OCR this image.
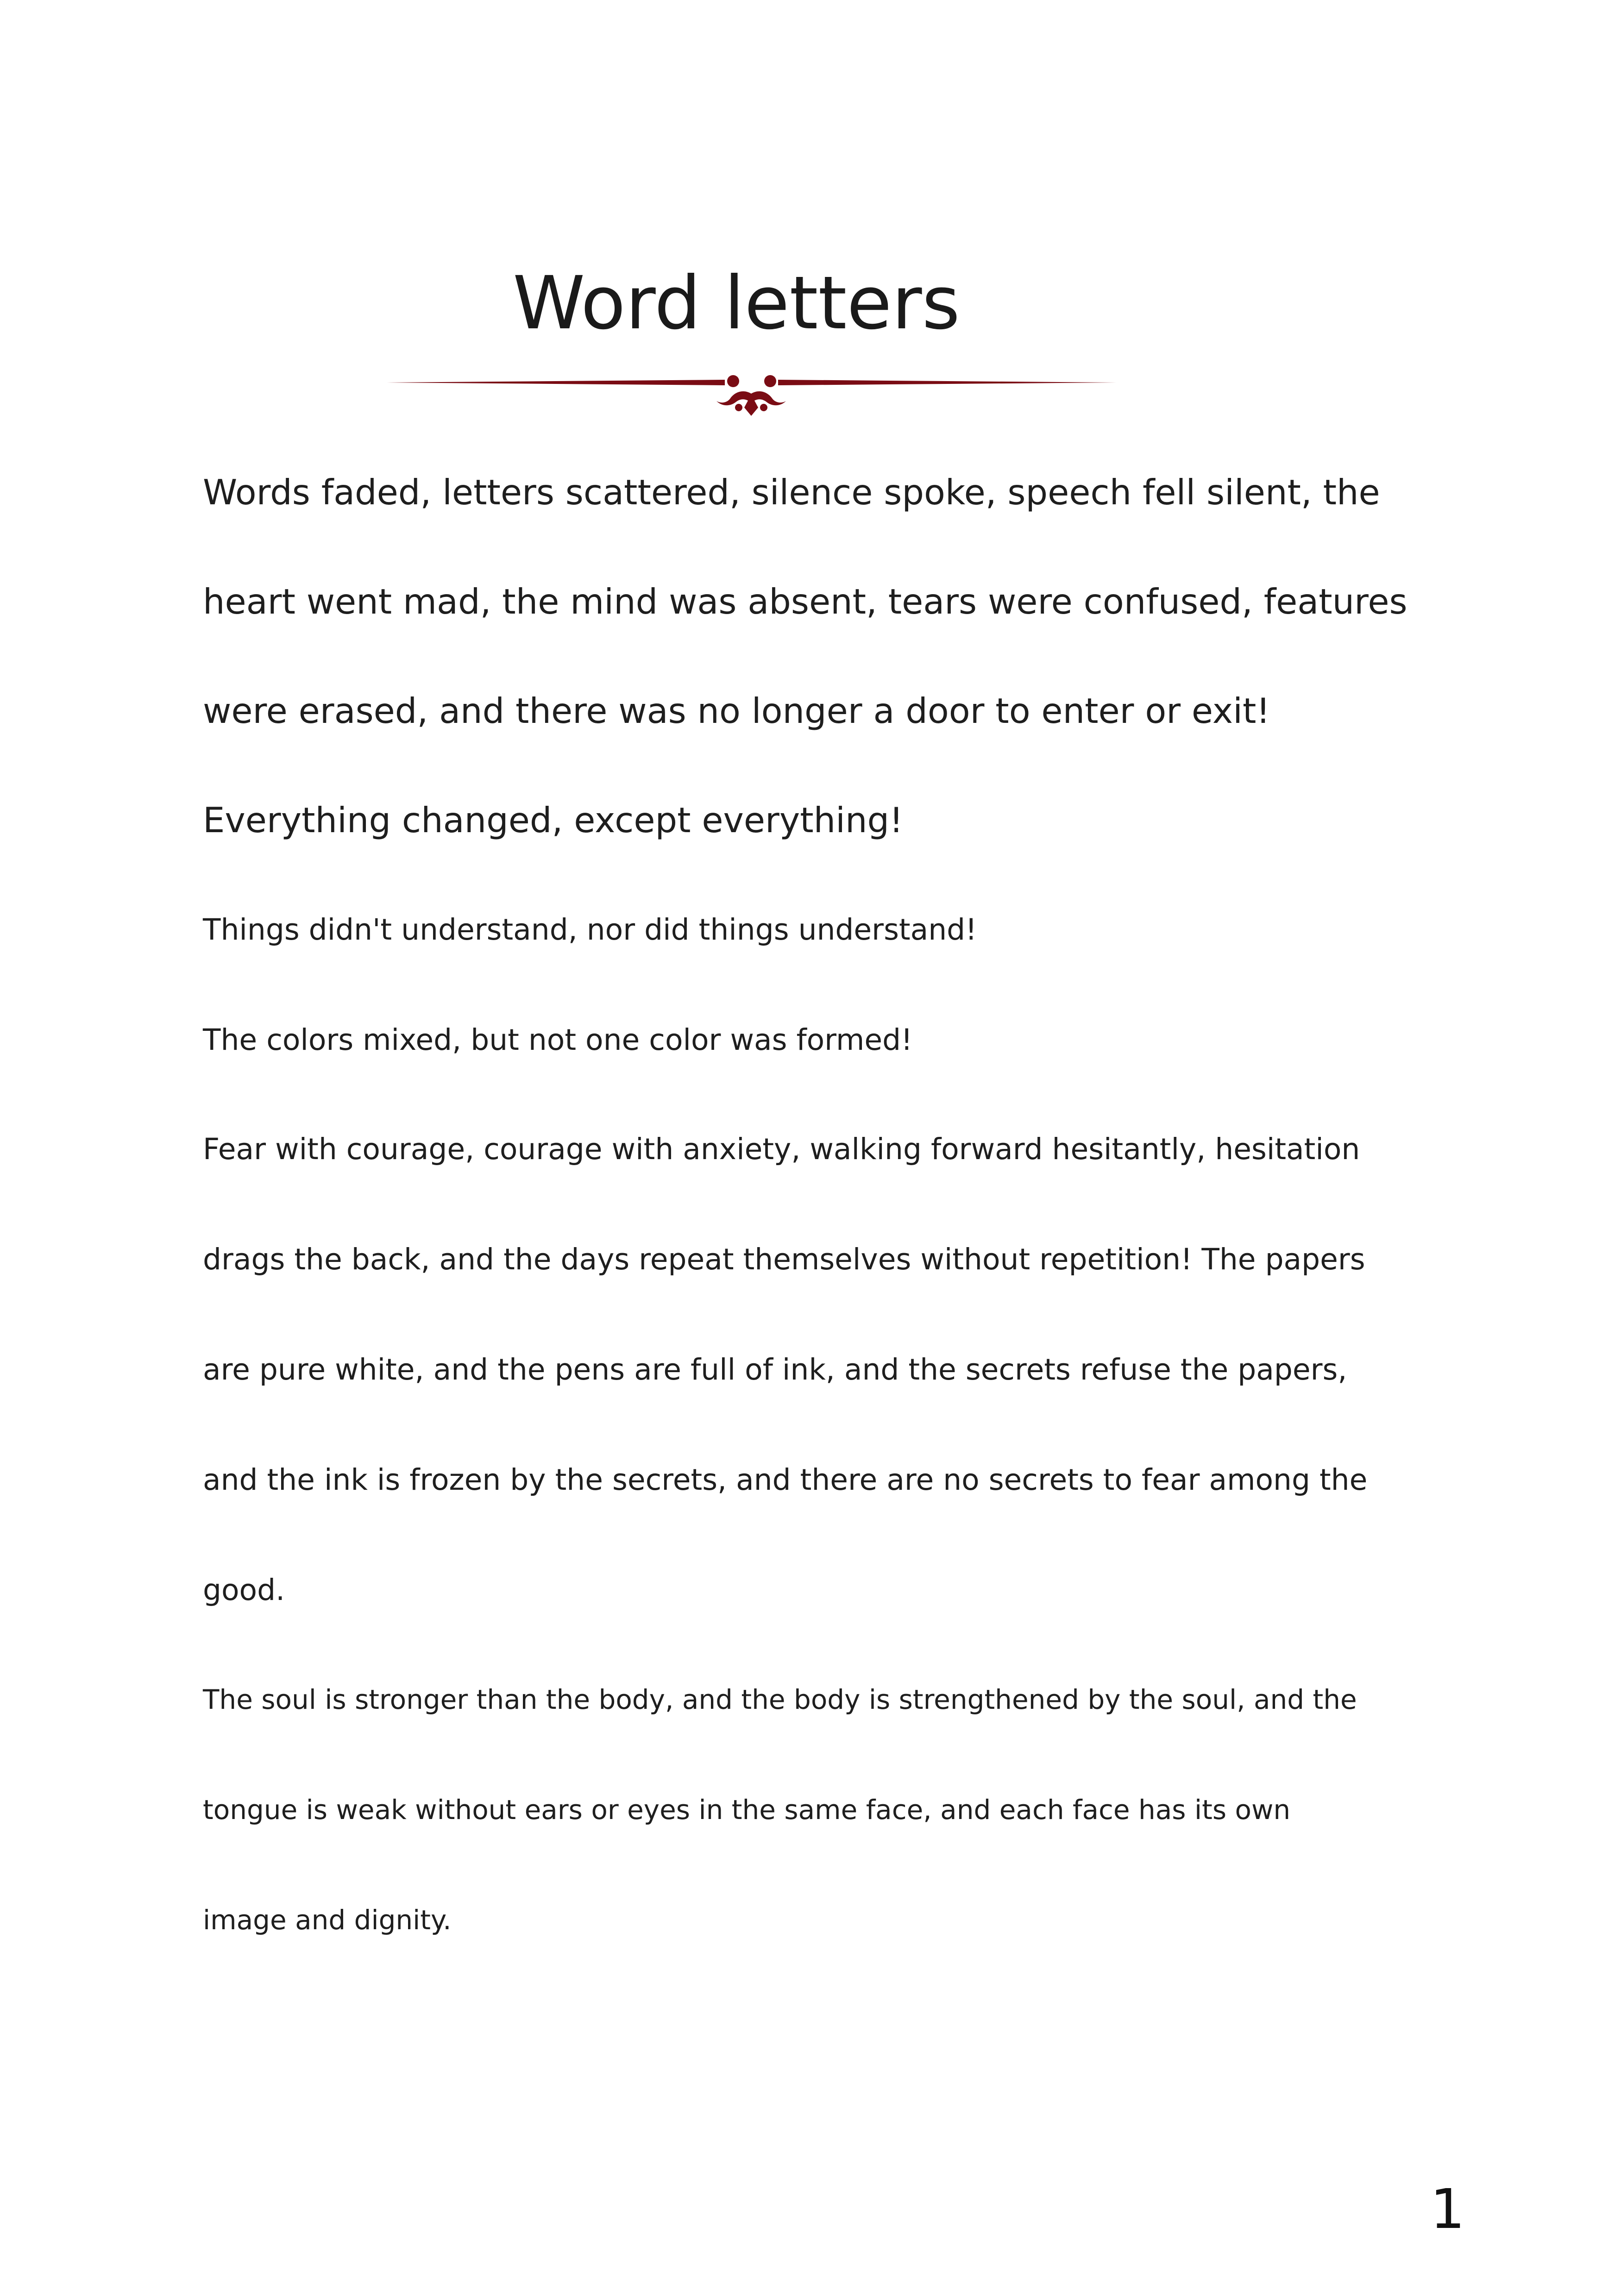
Word letters

Words faded, letters scattered, silence spoke, speech fell silent, the

heart went mad, the mind was absent, tears were confused, features

were erased, and there was no longer a door to enter or exit!

Everything changed, except everything!

Things didn't understand, nor did things understand!

The colors mixed, but not one color was formed!

Fear with courage, courage with anxiety, walking forward hesitantly, hesitation

drags the back, and the days repeat themselves without repetition! The papers

are pure white, and the pens are full of ink, and the secrets refuse the papers,

and the ink is frozen by the secrets, and there are no secrets to fear among the

good.

The soul is stronger than the body, and the body is strengthened by the soul, and the

tongue is weak without ears or eyes in the same face, and each face has its own

image and dignity.

1
